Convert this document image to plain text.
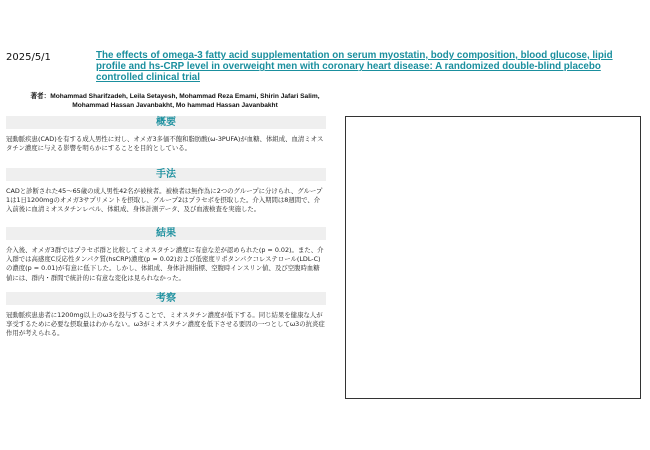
2025/5/1	The effects of omega-3 fatty acid supplementation on serum myostatin, body composition, blood glucose, lipid profile and hs-CRP level in overweight men with coronary heart disease: A randomized double-blind placebo controlled clinical trial
著者：Mohammad Sharifzadeh, Leila Setayesh, Mohammad Reza Emami, Shirin Jafari Salim,
Mohammad Hassan Javanbakht, Mo hammad Hassan Javanbakht
概要
冠動脈疾患(CAD)を有する成人男性に対し、オメガ3多価不飽和脂肪酸(ω-3PUFA)が血糖、体組成、血清ミオスタチン濃度に与える影響を明らかにすることを目的としている。
手法
CADと診断された45～65歳の成人男性42名が被検者。被検者は無作為に2つのグループに分けられ、グループ1は1日1200mgのオメガ3サプリメントを摂取し、グループ2はプラセボを摂取した。介入期間は8週間で、介入前後に血清ミオスタチンレベル、体組成、身体計測データ、及び血液検査を実施した。
結果
介入後、オメガ3群ではプラセボ群と比較してミオスタチン濃度に有意な差が認められた(p = 0.02)。また、介入群では高感度C反応性タンパク質(hsCRP)濃度(p = 0.02)および低密度リポタンパクコレステロール(LDL-C)の濃度(p = 0.01)が有意に低下した。しかし、体組成、身体計測指標、空腹時インスリン値、及び空腹時血糖値には、群内・群間で統計的に有意な変化は見られなかった。
考察
冠動脈疾患患者に1200mg以上のω3を投与することで、ミオスタチン濃度が低下する。同じ結果を健康な人が享受するために必要な摂取量はわからない。ω3がミオスタチン濃度を低下させる要因の一つとしてω3の抗炎症作用が考えられる。
